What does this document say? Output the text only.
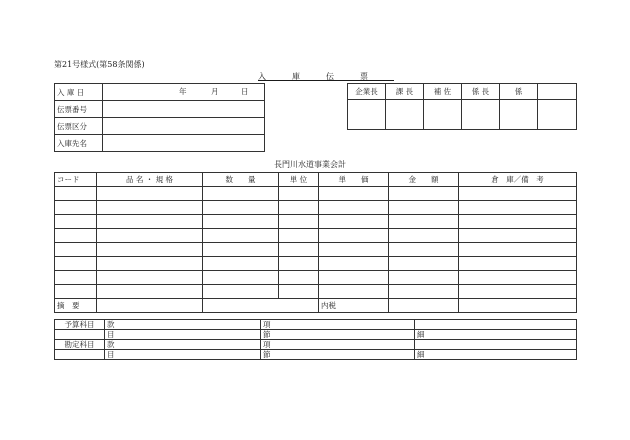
第21号様式(第58条関係)
入庫伝票
入 庫 日	年 月 日

伝票番号	
伝票区分	
入庫先名	
企業長	課 長	補 佐	係 長	係	

長門川水道事業会計
コード	品 名 ・ 規 格	数　　量	単 位	単　　価	金　　額	倉　庫／備　考

摘　要				内税		
予算科目	款	項	
	目	節	細
勘定科目	款	項	
	目	節	細
